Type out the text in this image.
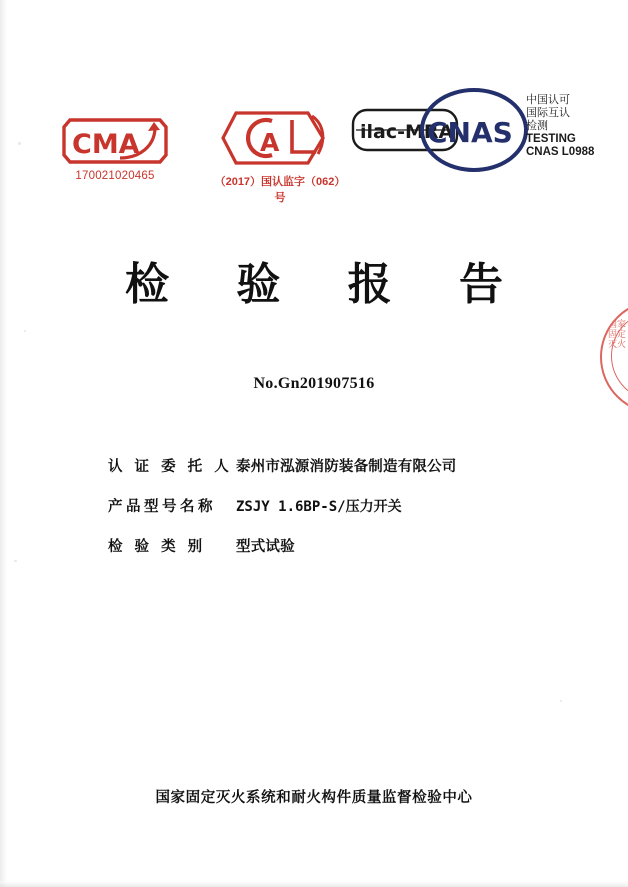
CMA
170021020465
A
（2017）国认监字（062）号
ilac-MRA
CNAS
中国认可
国际互认
检测
TESTING
CNAS L0988
检 验 报 告
No.Gn201907516
认 证 委 托 人 泰州市泓源消防装备制造有限公司
产品型号名称	ZSJY 1.6BP-S/压力开关
检 验 类 别	型式试验
国家固定灭火
国家固定灭火系统和耐火构件质量监督检验中心
